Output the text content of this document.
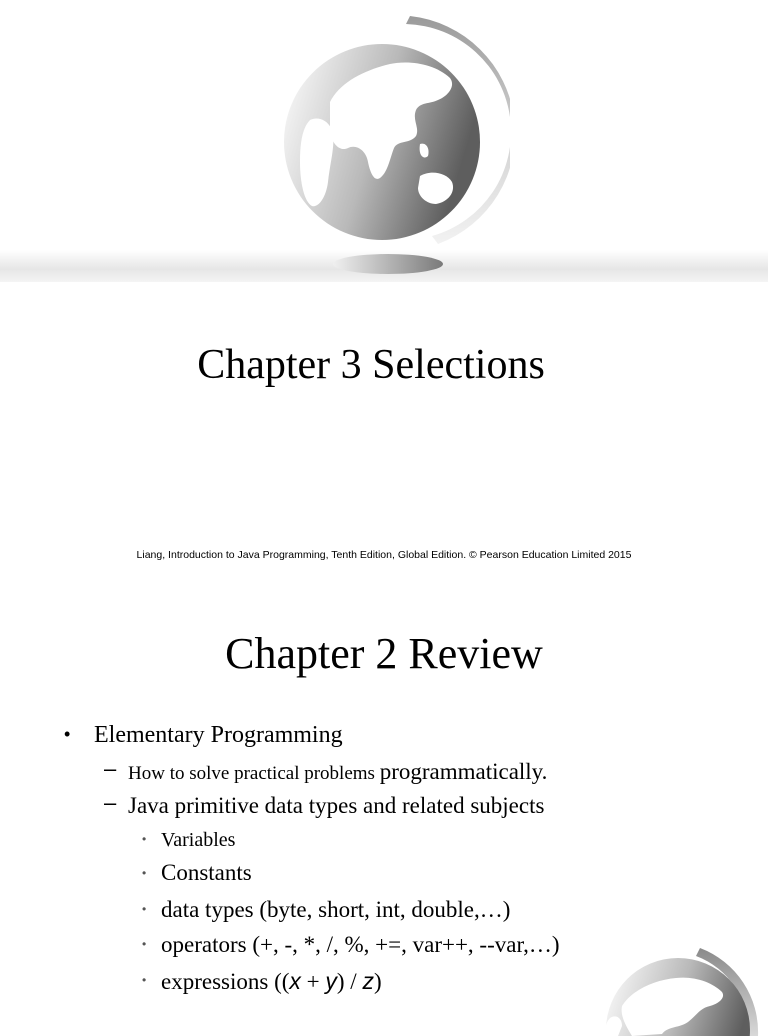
Chapter 3 Selections
Liang, Introduction to Java Programming, Tenth Edition, Global Edition. © Pearson Education Limited 2015
Chapter 2 Review
• Elementary Programming
– How to solve practical problems programmatically.
– Java primitive data types and related subjects
• Variables
• Constants
• data types (byte, short, int, double,…)
• operators (+, -, *, /, %, +=, var++, --var,…)
• expressions ((x + y) / z)
